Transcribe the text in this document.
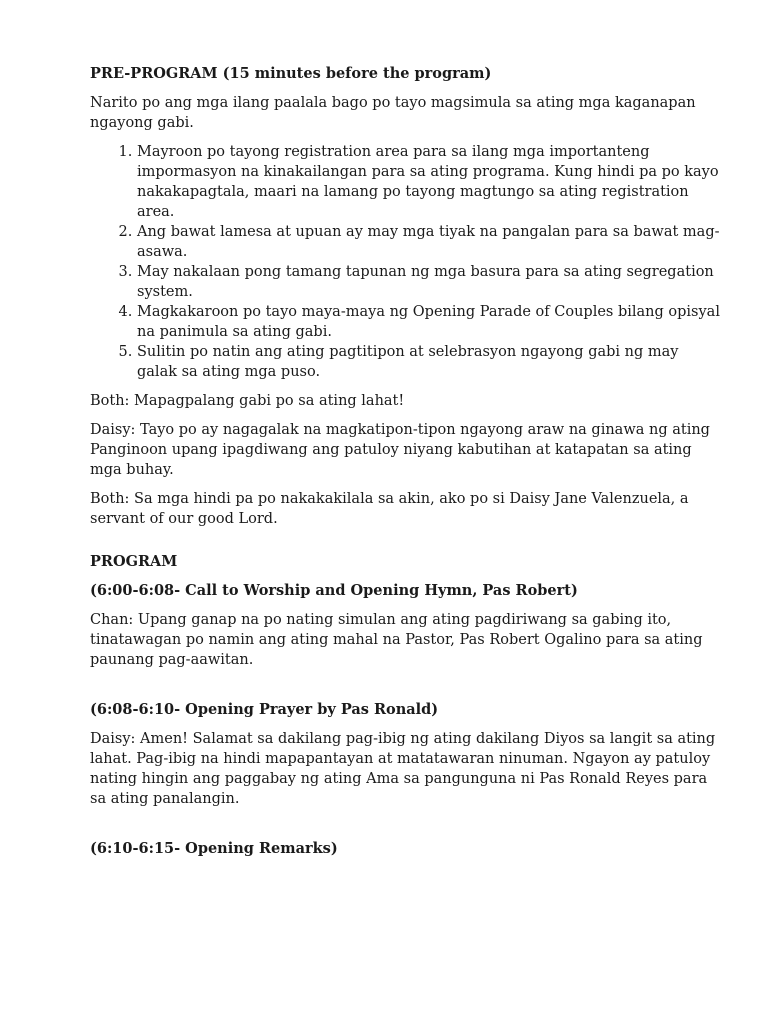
PRE-PROGRAM (15 minutes before the program)

Narito po ang mga ilang paalala bago po tayo magsimula sa ating mga kaganapan ngayong gabi.

1. Mayroon po tayong registration area para sa ilang mga importanteng impormasyon na kinakailangan para sa ating programa. Kung hindi pa po kayo nakakapagtala, maari na lamang po tayong magtungo sa ating registration area.
2. Ang bawat lamesa at upuan ay may mga tiyak na pangalan para sa bawat mag-asawa.
3. May nakalaan pong tamang tapunan ng mga basura para sa ating segregation system.
4. Magkakaroon po tayo maya-maya ng Opening Parade of Couples bilang opisyal na panimula sa ating gabi.
5. Sulitin po natin ang ating pagtitipon at selebrasyon ngayong gabi ng may galak sa ating mga puso.

Both: Mapagpalang gabi po sa ating lahat!

Daisy: Tayo po ay nagagalak na magkatipon-tipon ngayong araw na ginawa ng ating Panginoon upang ipagdiwang ang patuloy niyang kabutihan at katapatan sa ating mga buhay.

Both: Sa mga hindi pa po nakakakilala sa akin, ako po si Daisy Jane Valenzuela, a servant of our good Lord.

PROGRAM
(6:00-6:08- Call to Worship and Opening Hymn, Pas Robert)

Chan: Upang ganap na po nating simulan ang ating pagdiriwang sa gabing ito, tinatawagan po namin ang ating mahal na Pastor, Pas Robert Ogalino para sa ating paunang pag-aawitan.

(6:08-6:10- Opening Prayer by Pas Ronald)

Daisy: Amen! Salamat sa dakilang pag-ibig ng ating dakilang Diyos sa langit sa ating lahat. Pag-ibig na hindi mapapantayan at matatawaran ninuman. Ngayon ay patuloy nating hingin ang paggabay ng ating Ama sa pangunguna ni Pas Ronald Reyes para sa ating panalangin.

(6:10-6:15- Opening Remarks)
